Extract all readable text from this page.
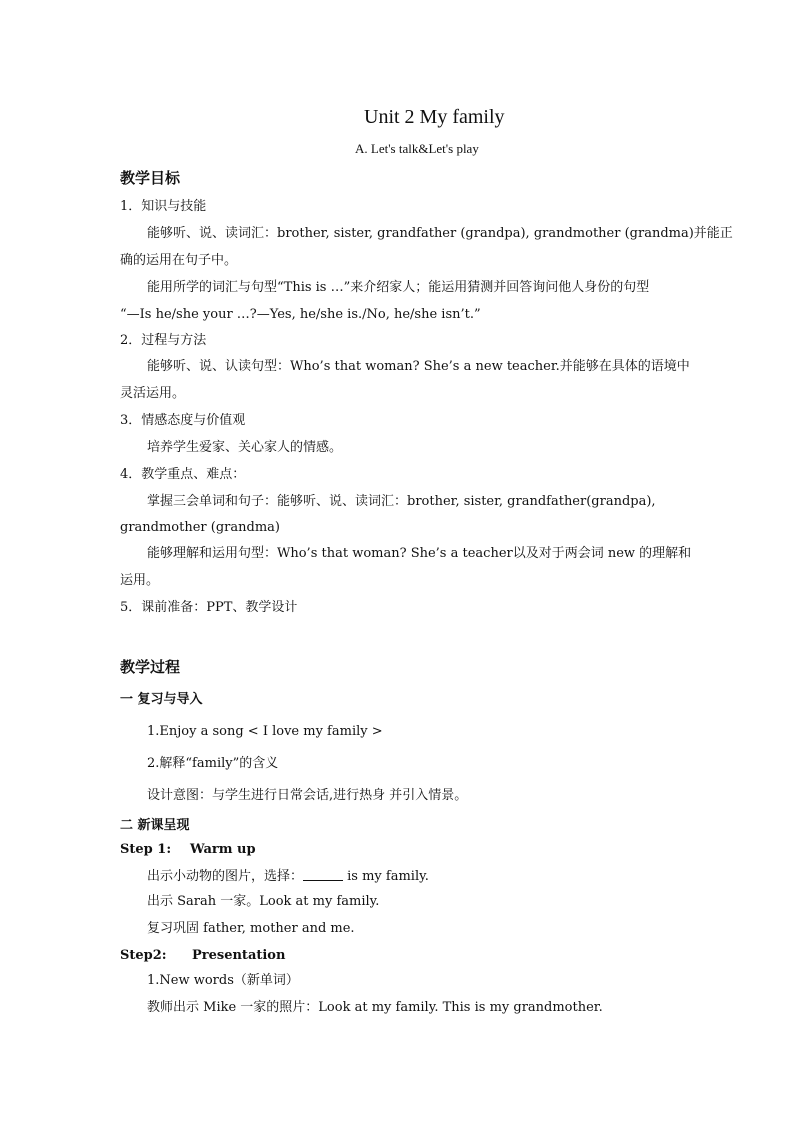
Unit 2 My family
A. Let's talk&Let's play
教学目标
1．知识与技能
能够听、说、读词汇：brother, sister, grandfather (grandpa), grandmother (grandma)并能正
确的运用在句子中。
能用所学的词汇与句型“This is …”来介绍家人；能运用猜测并回答询问他人身份的句型
“—Is he/she your …?—Yes, he/she is./No, he/she isn’t.”
2．过程与方法
能够听、说、认读句型：Who’s that woman? She’s a new teacher.并能够在具体的语境中
灵活运用。
3．情感态度与价值观
培养学生爱家、关心家人的情感。
4．教学重点、难点：
掌握三会单词和句子：能够听、说、读词汇：brother, sister, grandfather(grandpa),
grandmother (grandma)
能够理解和运用句型：Who’s that woman? She’s a teacher以及对于两会词 new 的理解和
运用。
5．课前准备：PPT、教学设计
教学过程
一 复习与导入
1.Enjoy a song < I love my family >
2.解释“family”的含义
设计意图：与学生进行日常会话,进行热身 并引入情景。
二 新课呈现
Step 1: Warm up
出示小动物的图片，选择：	is my family.
出示 Sarah 一家。Look at my family.
复习巩固 father, mother and me.
Step2: Presentation
1.New words（新单词）
教师出示 Mike 一家的照片：Look at my family. This is my grandmother.
